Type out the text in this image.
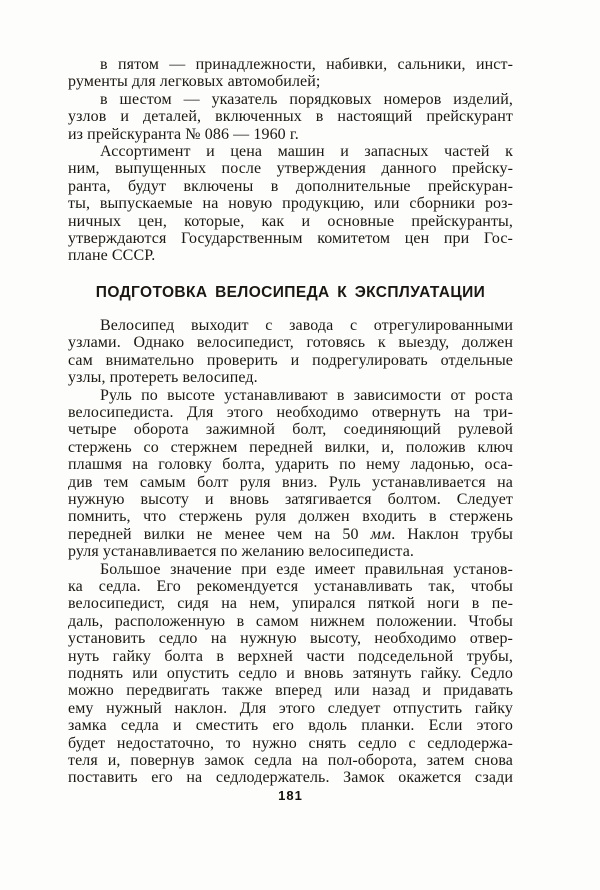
в пятом — принадлежности, набивки, сальники, инст-
рументы для легковых автомобилей;
в шестом — указатель порядковых номеров изделий,
узлов и деталей, включенных в настоящий прейскурант
из прейскуранта № 086 — 1960 г.
Ассортимент и цена машин и запасных частей к
ним, выпущенных после утверждения данного прейску-
ранта, будут включены в дополнительные прейскуран-
ты, выпускаемые на новую продукцию, или сборники роз-
ничных цен, которые, как и основные прейскуранты,
утверждаются Государственным комитетом цен при Гос-
плане СССР.
ПОДГОТОВКА ВЕЛОСИПЕДА К ЭКСПЛУАТАЦИИ
Велосипед выходит с завода с отрегулированными
узлами. Однако велосипедист, готовясь к выезду, должен
сам внимательно проверить и подрегулировать отдельные
узлы, протереть велосипед.
Руль по высоте устанавливают в зависимости от роста
велосипедиста. Для этого необходимо отвернуть на три-
четыре оборота зажимной болт, соединяющий рулевой
стержень со стержнем передней вилки, и, положив ключ
плашмя на головку болта, ударить по нему ладонью, оса-
див тем самым болт руля вниз. Руль устанавливается на
нужную высоту и вновь затягивается болтом. Следует
помнить, что стержень руля должен входить в стержень
передней вилки не менее чем на 50 мм. Наклон трубы
руля устанавливается по желанию велосипедиста.
Большое значение при езде имеет правильная установ-
ка седла. Его рекомендуется устанавливать так, чтобы
велосипедист, сидя на нем, упирался пяткой ноги в пе-
даль, расположенную в самом нижнем положении. Чтобы
установить седло на нужную высоту, необходимо отвер-
нуть гайку болта в верхней части подседельной трубы,
поднять или опустить седло и вновь затянуть гайку. Седло
можно передвигать также вперед или назад и придавать
ему нужный наклон. Для этого следует отпустить гайку
замка седла и сместить его вдоль планки. Если этого
будет недостаточно, то нужно снять седло с седлодержа-
теля и, повернув замок седла на пол-оборота, затем снова
поставить его на седлодержатель. Замок окажется сзади
181
